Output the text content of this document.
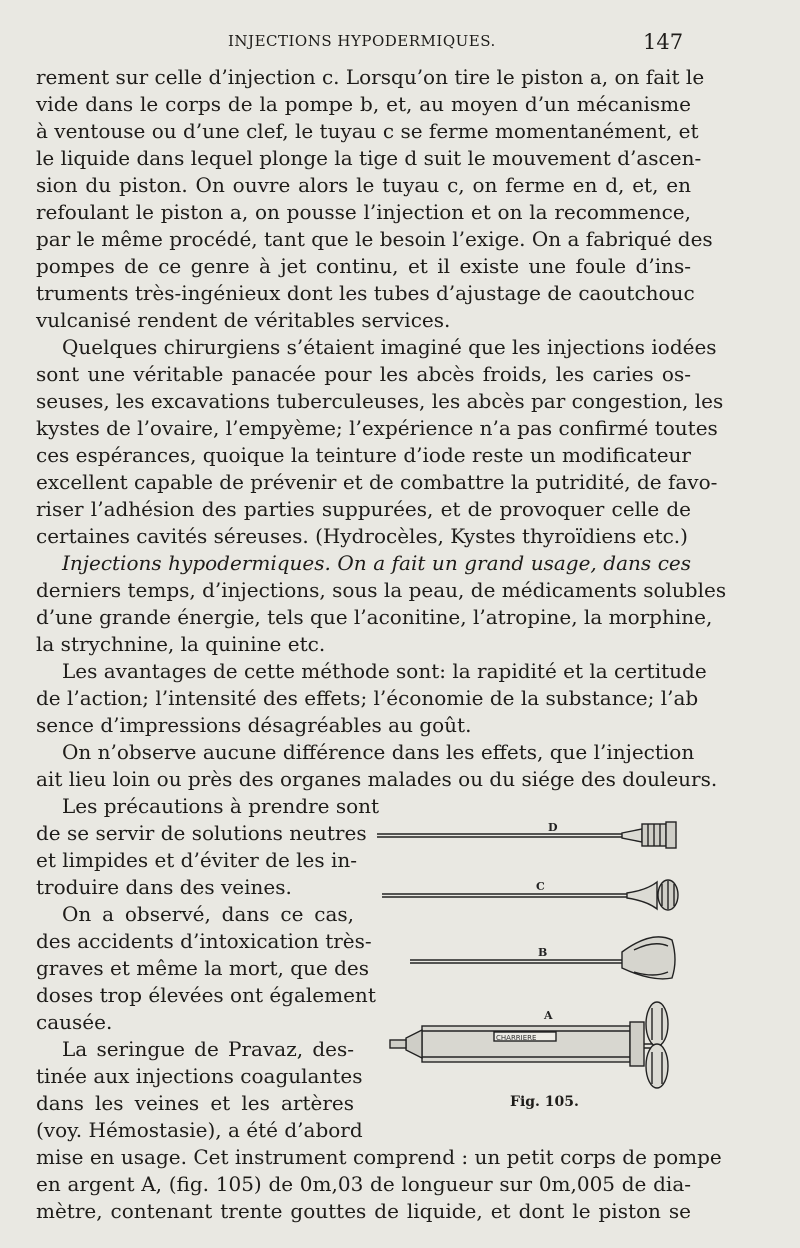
INJECTIONS HYPODERMIQUES.	147
rement sur celle d’injection c. Lorsqu’on tire le piston a, on fait le
vide dans le corps de la pompe b, et, au moyen d’un mécanisme
à ventouse ou d’une clef, le tuyau c se ferme momentanément, et
le liquide dans lequel plonge la tige d suit le mouvement d’ascen-
sion du piston. On ouvre alors le tuyau c, on ferme en d, et, en
refoulant le piston a, on pousse l’injection et on la recommence,
par le même procédé, tant que le besoin l’exige. On a fabriqué des
pompes de ce genre à jet continu, et il existe une foule d’ins-
truments très-ingénieux dont les tubes d’ajustage de caoutchouc
vulcanisé rendent de véritables services.
Quelques chirurgiens s’étaient imaginé que les injections iodées
sont une véritable panacée pour les abcès froids, les caries os-
seuses, les excavations tuberculeuses, les abcès par congestion, les
kystes de l’ovaire, l’empyème; l’expérience n’a pas confirmé toutes
ces espérances, quoique la teinture d’iode reste un modificateur
excellent capable de prévenir et de combattre la putridité, de favo-
riser l’adhésion des parties suppurées, et de provoquer celle de
certaines cavités séreuses. (Hydrocèles, Kystes thyroïdiens etc.)
Injections hypodermiques. On a fait un grand usage, dans ces
derniers temps, d’injections, sous la peau, de médicaments solubles
d’une grande énergie, tels que l’aconitine, l’atropine, la morphine,
la strychnine, la quinine etc.
Les avantages de cette méthode sont: la rapidité et la certitude
de l’action; l’intensité des effets; l’économie de la substance; l’ab
sence d’impressions désagréables au goût.
On n’observe aucune différence dans les effets, que l’injection
ait lieu loin ou près des organes malades ou du siége des douleurs.
Les précautions à prendre sont
de se servir de solutions neutres
et limpides et d’éviter de les in-
troduire dans des veines.
On a observé, dans ce cas,
des accidents d’intoxication très-
graves et même la mort, que des
doses trop élevées ont également
causée.
La seringue de Pravaz, des-
tinée aux injections coagulantes
dans les veines et les artères
(voy. Hémostasie), a été d’abord
mise en usage. Cet instrument comprend : un petit corps de pompe
en argent A, (fig. 105) de 0m,03 de longueur sur 0m,005 de dia-
mètre, contenant trente gouttes de liquide, et dont le piston se
D
C
B
A
CHARRIERE
Fig. 105.
